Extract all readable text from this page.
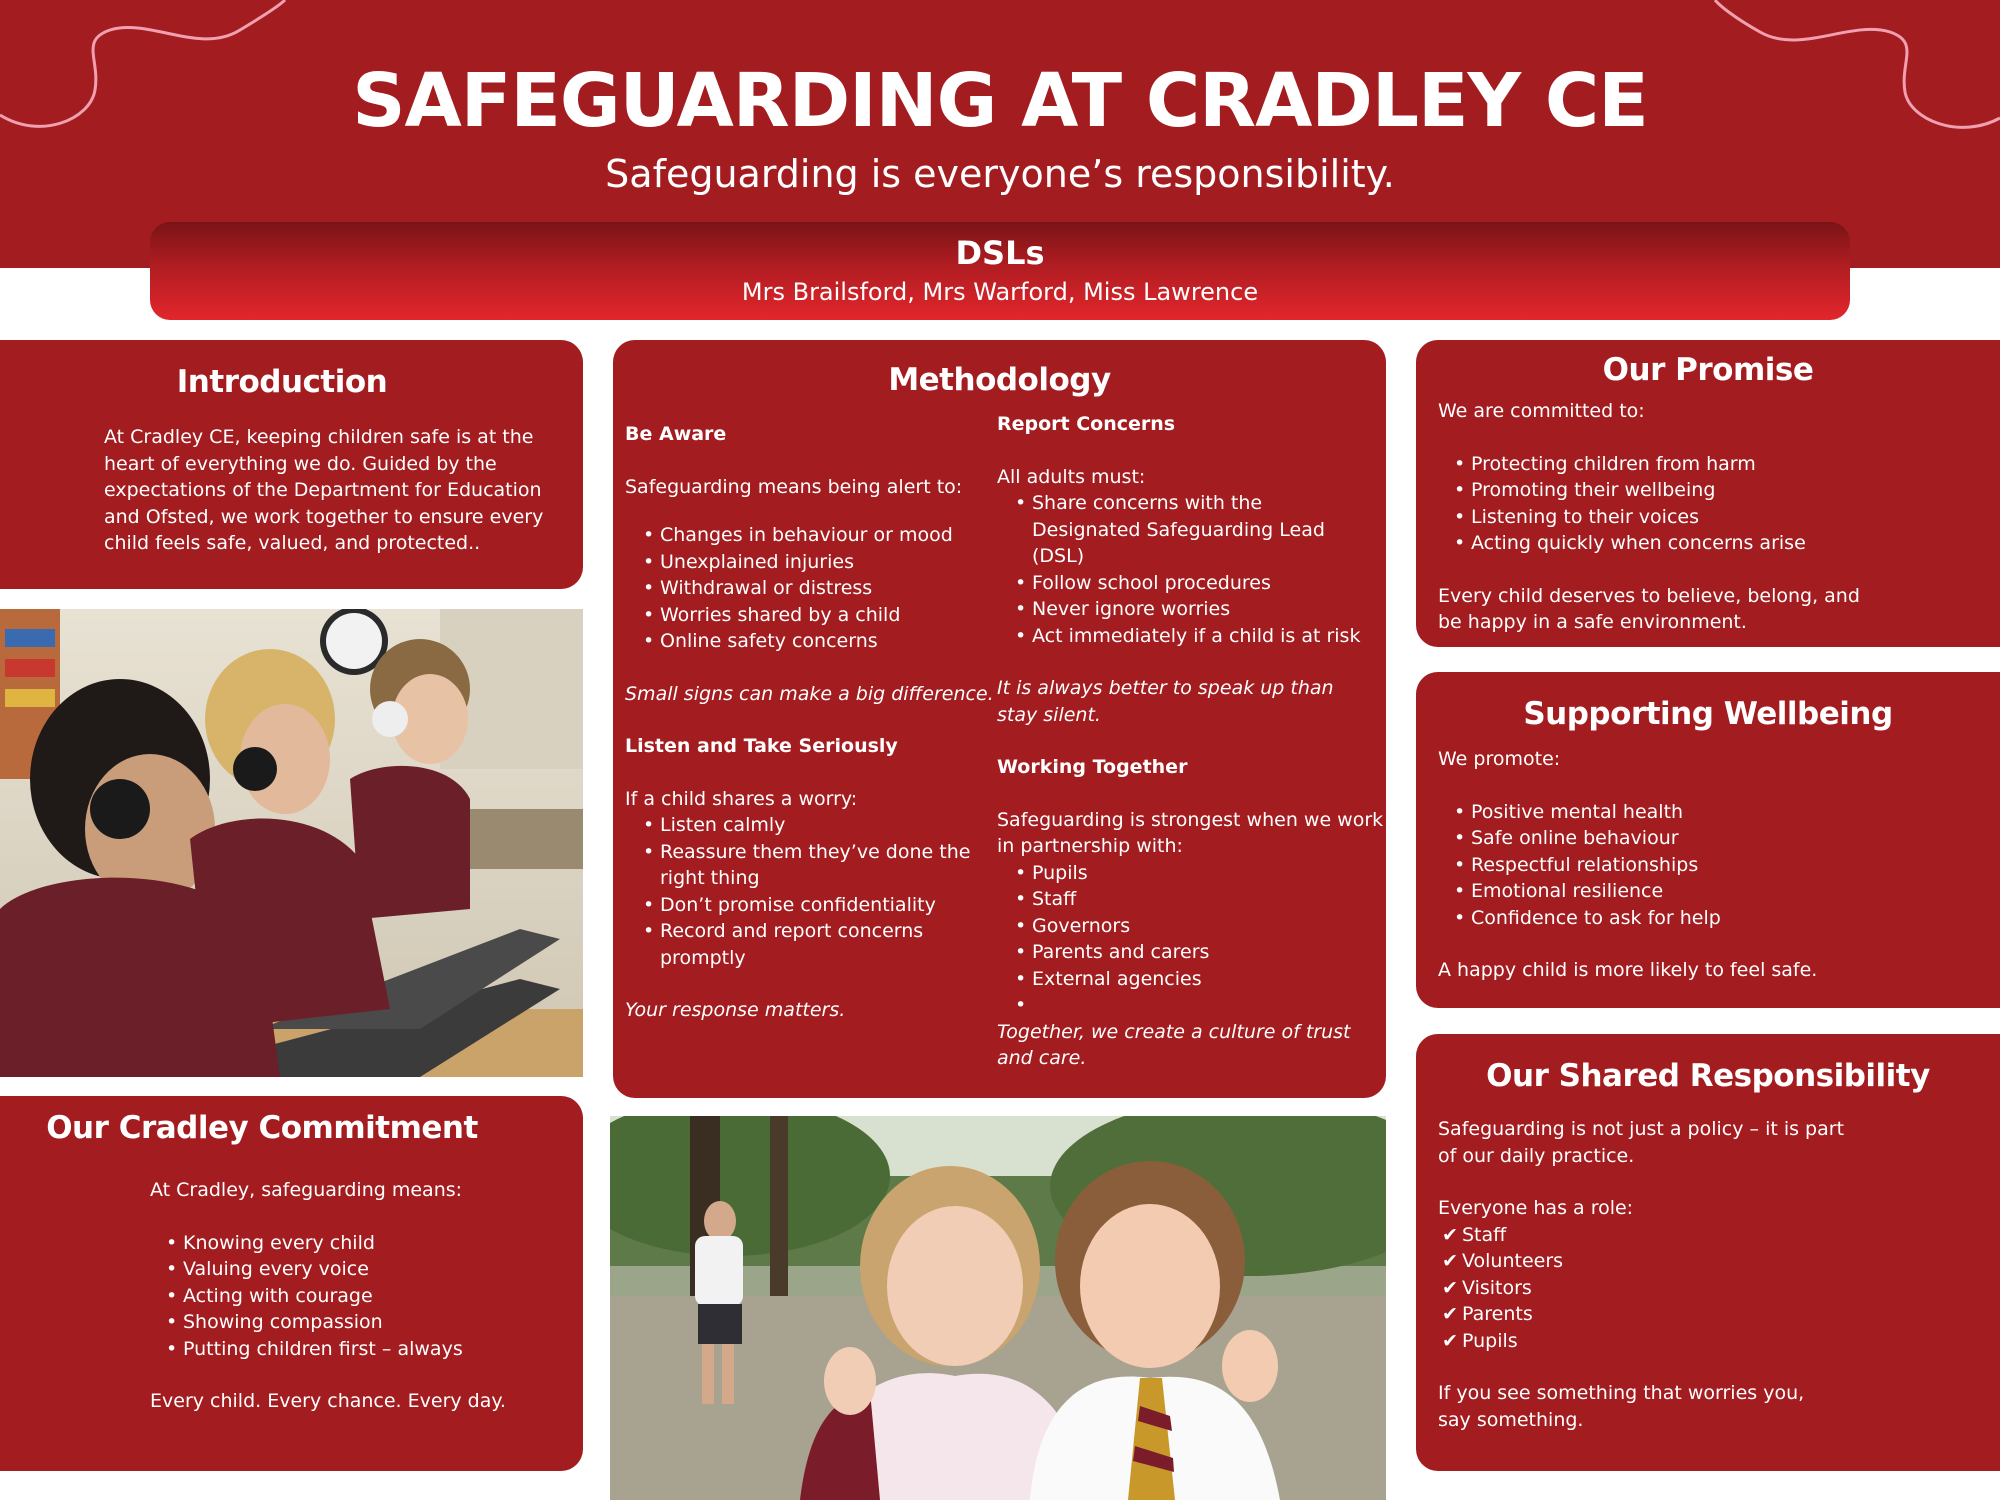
SAFEGUARDING AT CRADLEY CE
Safeguarding is everyone’s responsibility.
DSLs
Mrs Brailsford, Mrs Warford, Miss Lawrence
Introduction

At Cradley CE, keeping children safe is at the heart of everything we do. Guided by the expectations of the Department for Education and Ofsted, we work together to ensure every child feels safe, valued, and protected..

Our Cradley Commitment

At Cradley, safeguarding means:

• Knowing every child
• Valuing every voice
• Acting with courage
• Showing compassion
• Putting children first – always

Every child. Every chance. Every day.

Methodology

Be Aware

Safeguarding means being alert to:

• Changes in behaviour or mood
• Unexplained injuries
• Withdrawal or distress
• Worries shared by a child
• Online safety concerns

Small signs can make a big difference.

Listen and Take Seriously

If a child shares a worry:

• Listen calmly
• Reassure them they’ve done the right thing
• Don’t promise confidentiality
• Record and report concerns promptly

Your response matters.

Report Concerns

All adults must:

• Share concerns with the Designated Safeguarding Lead (DSL)
• Follow school procedures
• Never ignore worries
• Act immediately if a child is at risk

It is always better to speak up than stay silent.

Working Together

Safeguarding is strongest when we work in partnership with:

• Pupils
• Staff
• Governors
• Parents and carers
• External agencies
•

Together, we create a culture of trust and care.

Our Promise

We are committed to:

• Protecting children from harm
• Promoting their wellbeing
• Listening to their voices
• Acting quickly when concerns arise

Every child deserves to believe, belong, and be happy in a safe environment.

Supporting Wellbeing

We promote:

• Positive mental health
• Safe online behaviour
• Respectful relationships
• Emotional resilience
• Confidence to ask for help

A happy child is more likely to feel safe.

Our Shared Responsibility

Safeguarding is not just a policy – it is part of our daily practice.

Everyone has a role:

✔ Staff
✔ Volunteers
✔ Visitors
✔ Parents
✔ Pupils

If you see something that worries you, say something.
